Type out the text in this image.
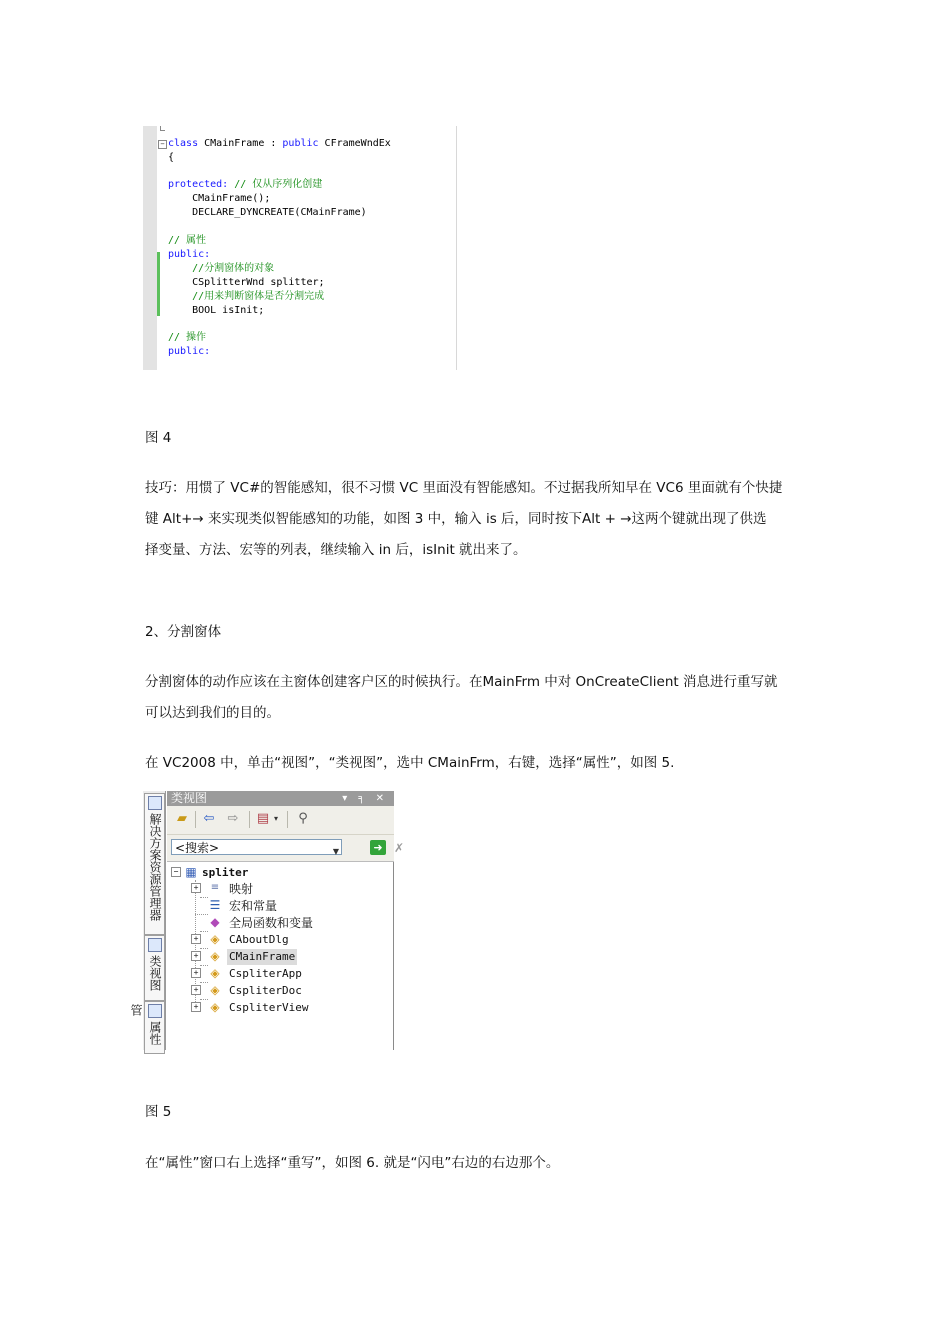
− class CMainFrame : public CFrameWndEx
{
protected: // 仅从序列化创建
CMainFrame();
DECLARE_DYNCREATE(CMainFrame)
// 属性
public:
//分割窗体的对象
CSplitterWnd splitter;
//用来判断窗体是否分割完成
BOOL isInit;
// 操作
public:

图 4

技巧：用惯了 VC#的智能感知，很不习惯 VC 里面没有智能感知。不过据我所知早在 VC6 里面就有个快捷

键 Alt+→ 来实现类似智能感知的功能，如图 3 中，输入 is 后，同时按下Alt + →这两个键就出现了供选

择变量、方法、宏等的列表，继续输入 in 后，isInit 就出来了。

2、分割窗体

分割窗体的动作应该在主窗体创建客户区的时候执行。在MainFrm 中对 OnCreateClient 消息进行重写就

可以达到我们的目的。

在 VC2008 中，单击“视图”，“类视图”，选中 CMainFrm，右键，选择“属性”，如图 5.

解决方案资源管理器
类视图
属性管
类视图	▾ ╕ ✕
▰ ⇦ ⇨ ▤ ▾ ⚲
<搜索>	▼	➜ ✗
− ▦ spliter
+ ≡ 映射
☰ 宏和常量
◆ 全局函数和变量
+ ◈ CAboutDlg
+ ◈ CMainFrame
+ ◈ CspliterApp
+ ◈ CspliterDoc
+ ◈ CspliterView

图 5

在“属性”窗口右上选择“重写”，如图 6. 就是“闪电”右边的右边那个。
